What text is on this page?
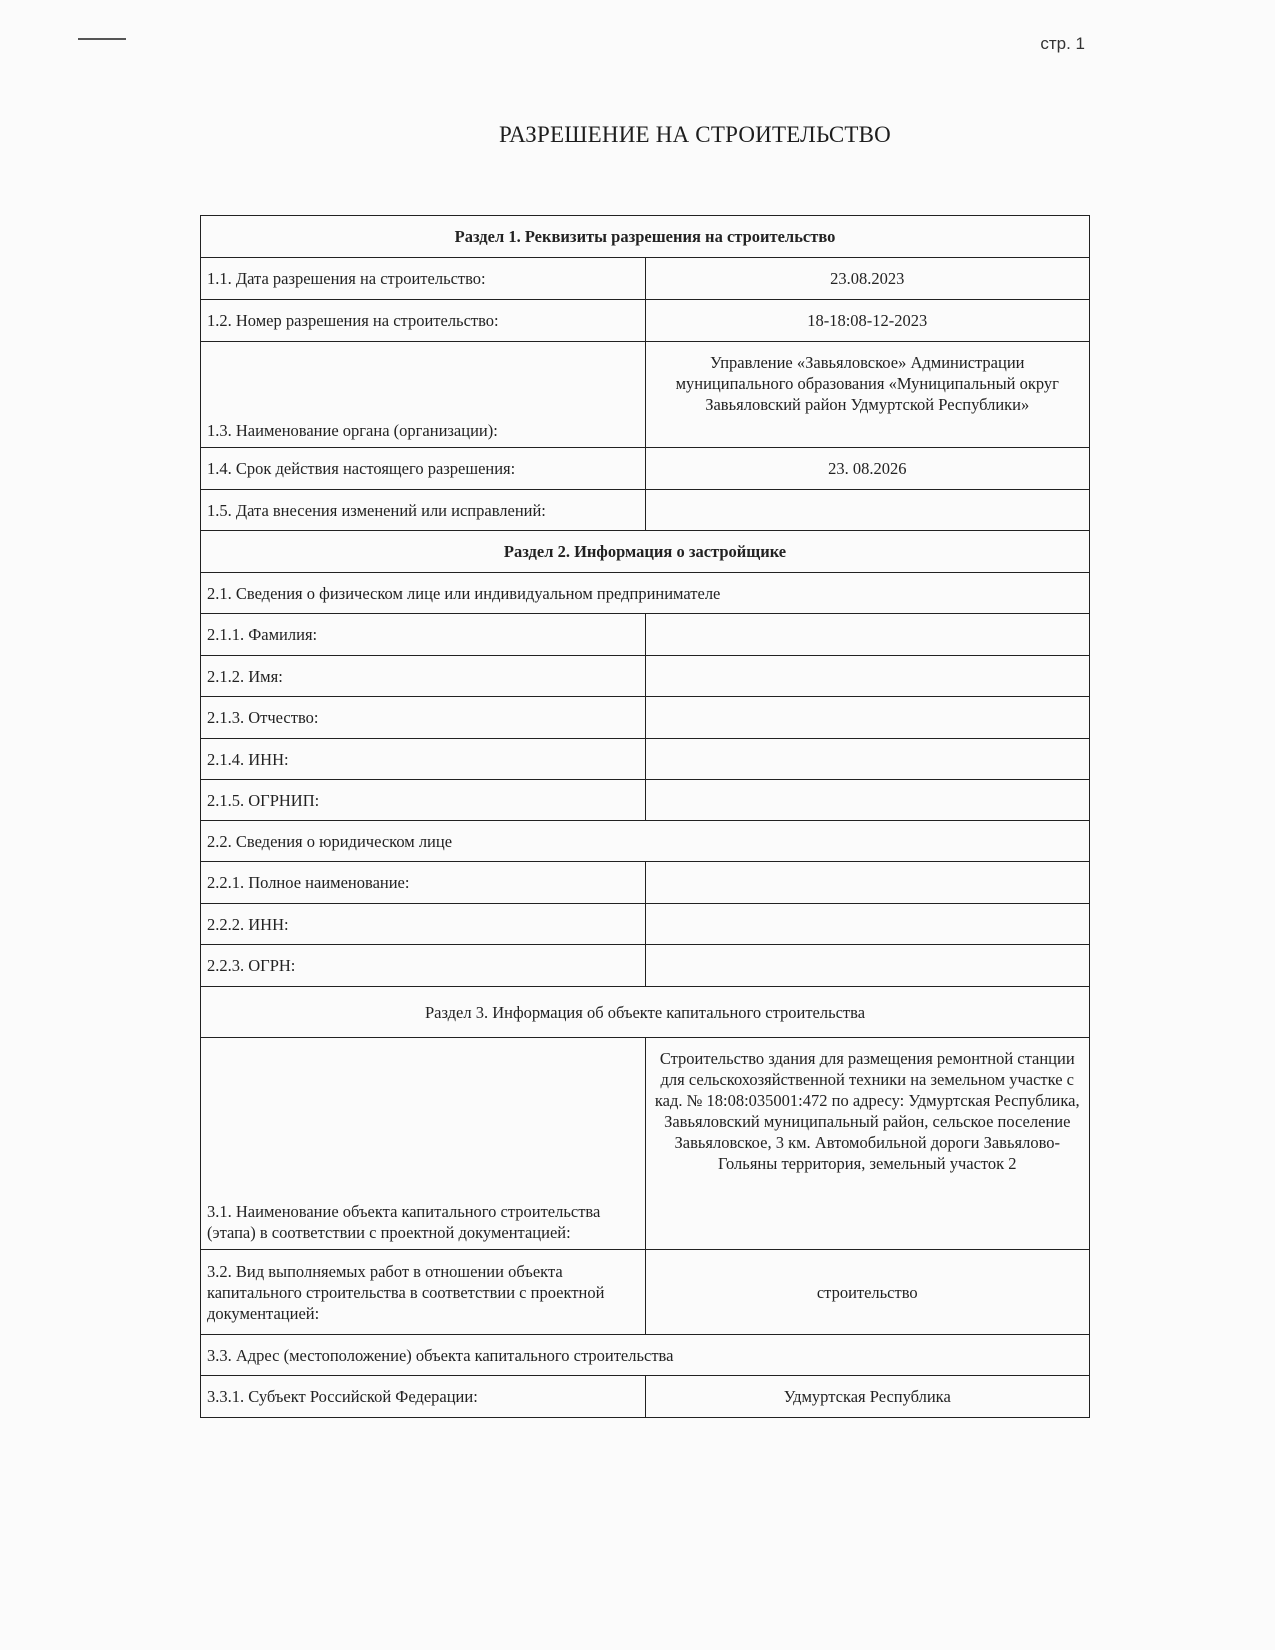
стр. 1
РАЗРЕШЕНИЕ НА СТРОИТЕЛЬСТВО
Раздел 1. Реквизиты разрешения на строительство	
1.1. Дата разрешения на строительство:	23.08.2023
1.2. Номер разрешения на строительство:	18-18:08-12-2023
1.3. Наименование органа (организации):	Управление «Завьяловское» Администрации муниципального образования «Муниципальный округ Завьяловский район Удмуртской Республики»
1.4. Срок действия настоящего разрешения:	23. 08.2026
1.5. Дата внесения изменений или исправлений:	
Раздел 2. Информация о застройщике	
2.1. Сведения о физическом лице или индивидуальном предпринимателе	
2.1.1. Фамилия:	
2.1.2. Имя:	
2.1.3. Отчество:	
2.1.4. ИНН:	
2.1.5. ОГРНИП:	
2.2. Сведения о юридическом лице	
2.2.1. Полное наименование:	
2.2.2. ИНН:	
2.2.3. ОГРН:	
Раздел 3. Информация об объекте капитального строительства	
3.1. Наименование объекта капитального строительства (этапа) в соответствии с проектной документацией:	Строительство здания для размещения ремонтной станции для сельскохозяйственной техники на земельном участке с кад. № 18:08:035001:472 по адресу: Удмуртская Республика, Завьяловский муниципальный район, сельское поселение Завьяловское, 3 км. Автомобильной дороги Завьялово-Гольяны территория, земельный участок 2
3.2. Вид выполняемых работ в отношении объекта капитального строительства в соответствии с проектной документацией:	строительство
3.3. Адрес (местоположение) объекта капитального строительства	
3.3.1. Субъект Российской Федерации:	Удмуртская Республика
